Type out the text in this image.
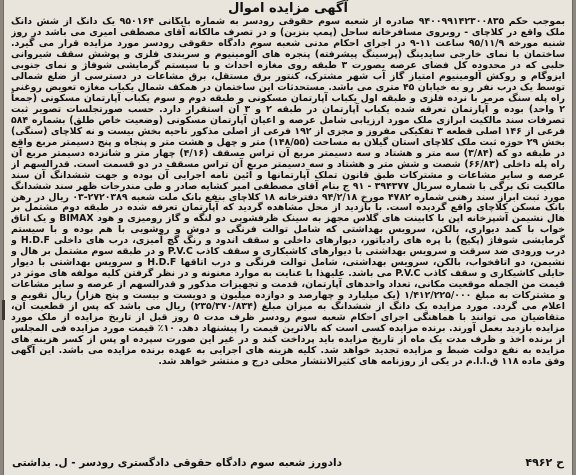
آگهی مزایده اموال
بموجب حکم ۹۴۰۰۹۹۱۴۲۳۰۰۸۳۵ صادره از شعبه سوم حقوقی رودسر به شماره بایگانی ۹۵۰۱۶۴ یک دانگ از شش دانگ ملک واقع در کلاچای - روبروی مسافرخانه ساحل (پمپ بنزین) و در تصرف مالکانه آقای مصطفی امیری می باشد در روز شنبه مورخه ۹۵/۱۱/۹ ساعت ۱۱-۹ در اجرای احکام مدنی شعبه سوم دادگاه حقوقی رودسر مورد مزایده قرار می گیرد. ساختمان با نمای خارجی سایدینگ (پرسینگ پیشرفته) پنجره های آلومینیوم و سربندی فلزی و پوشش سقف شیروانی حلبی که در محدوده کل فضای عرصه بصورت ۳ طبقه روی مغازه احداث و با سیستم گرمایشی شوفاژ و نمای جنوبی ایزوگام و روکش آلومینیوم امتیاز گاز آب شهر مشترک، کنتور برق مستقل، برق مشاعات در دسترسی از ضلع شمالی توسط یک درب نفر رو به خیابان ۴۵ متری می باشد. مستحدثات این ساختمان در همکف شمال یکباب مغازه تعویض روغنی راه پله سنگ مرمر با نرده فلزی و طبقه اول یکباب آپارتمان مسکونی و طبقه دوم و سوم یکباب آپارتمان مسکونی (جمعاً ۲ واحد) بوده و آپارتمان تعرفه شده یکباب آپارتمان در طبقه ۲ و ۳ آن استقرار دارد. حسب صورتجلسات تصویر ثبت تصرفات سند مالکیت ابرازی ملک مورد ارزیابی شامل عرصه و اعیان آپارتمان مسکونی (وضعیت خاص طلق) بشماره ۵۸۴ فرعی از ۱۴۶ اصلی قطعه ۳ تفکیکی مفروز و مجزی از ۱۹۲ فرعی از اصلی مذکور ناحیه بخش بیست و نه کلاچای (سنگی) بخش ۲۹ حوزه ثبت ملک کلاچای استان گیلان به مساحت (۱۴۸/۵۵) متر و چهل و هشت متر و پنجاه و پنج دسیمتر مربع واقع در طبقه دو که (۳/۸۴) سه متر و هشتاد و سه دسیمتر مربع آن تراس مسقف (۴/۱۶) چهار متر و شانزده دسیمتر مربع آن راه پله داخلی (۶۶/۸۳) شصت و شش متر و هشتاد و سه دسیمتر مربع آن تراس مسقف در دو قسمت است. قدرالسهم از عرصه و سایر مشاعات و مشترکات طبق قانون تملک آپارتمانها و آئین نامه اجرایی آن بوده و جهت ششدانگ آن سند مالکیت تک برگی با شماره سریال ۳۹۴۳۷۷ - ۹۱ ج بنام آقای مصطفی امیر کشایه صادر و طی مندرجات ظهر سند ششدانگ مورد ثبت ابراز سند رهنی شماره ۴۷۸۲ مورخ ۹۴/۲/۱۸ دفترخانه ۱۸ کلاچای بنفع بانک ملت شعبه ۲۷۲۰۳۸۹-۰۳ ریال در رهن بانک مسکن کلاچای واقع گردیده است. با بازدید از محل مشاهده گردید که آپارتمان تعرفه شده در طبقه دوم مشتمل بر هال نشیمن آشپزخانه اپن با کابینت های گلاس مجهز به سینک ظرفشویی دو لنگه و گاز رومیزی و هود BIMAX و یک اتاق خواب با کمد دیواری، بالکن، سرویس بهداشتی که شامل توالت فرنگی و دوش و روشویی با هم بوده و با سیستم گرمایشی شوفاژ (پکیج) با پره های رادیاتور، دیوارهای داخلی و سقف اندود و رنگ گچ آمیزی، درب های داخلی H.D.F و درب ورودی ضد سرقت و سرویس بهداشتی با دیوارهای کاشیکاری و سقف کاذب P.V.C و در طبقه سوم مشتمل بر هال و نشیمن، دو اتاقخواب، بالکن، سرویس بهداشتی، شامل توالت فرنگی و درب اتاقها H.D.F و سرویس بهداشتی با دیوار حایلی کاشیکاری و سقف کاذب P.V.C می باشد. علیهذا با عنایت به موارد معنونه و در نظر گرفتن کلیه مولفه های موثر در قیمت من الجمله موقعیت مکانی، تعداد واحدهای آپارتمان، قدمت و تجهیزات مذکور و قدرالسهم از عرصه و سایر مشاعات و مشترکات به مبلغ ۱/۴۱۲/۲۲۵/۰۰۰ (یک میلیارد و چهارصد و دوازده میلیون و دویست و بیست و پنج هزار) ریال تقویم و اعلام می گردد. مورد مزایده یک دانگ از ششدانگ به میزان مبلغ (۲۳۵/۳۷۰/۸۳۴) ریال می باشد که پس از قطعیت آن، متقاضیان می توانند با هماهنگی اجرای احکام شعبه سوم رودسر ظرف مدت ۵ روز قبل از تاریخ مزایده از ملک مورد مزایده بازدید بعمل آورند. برنده مزایده کسی است که بالاترین قیمت را پیشنهاد دهد. ۱۰٪ قیمت مورد مزایده فی المجلس از برنده اخذ و ظرف مدت یک ماه از تاریخ مزایده باید پرداخت کند و در غیر این صورت سپرده او پس از کسر هزینه های مزایده به نفع دولت ضبط و مزایده تجدید خواهد شد. کلیه هزینه های اجرایی به عهده برنده مزایده می باشد. این آگهی وفق ماده ۱۱۸ ق.ا.ا.م در یکی از روزنامه های کثیرالانتشار محلی درج و منتشر خواهد شد.
ح ۴۹۶۲
دادورز شعبه سوم دادگاه حقوقی دادگستری رودسر - ل. بداشتی
